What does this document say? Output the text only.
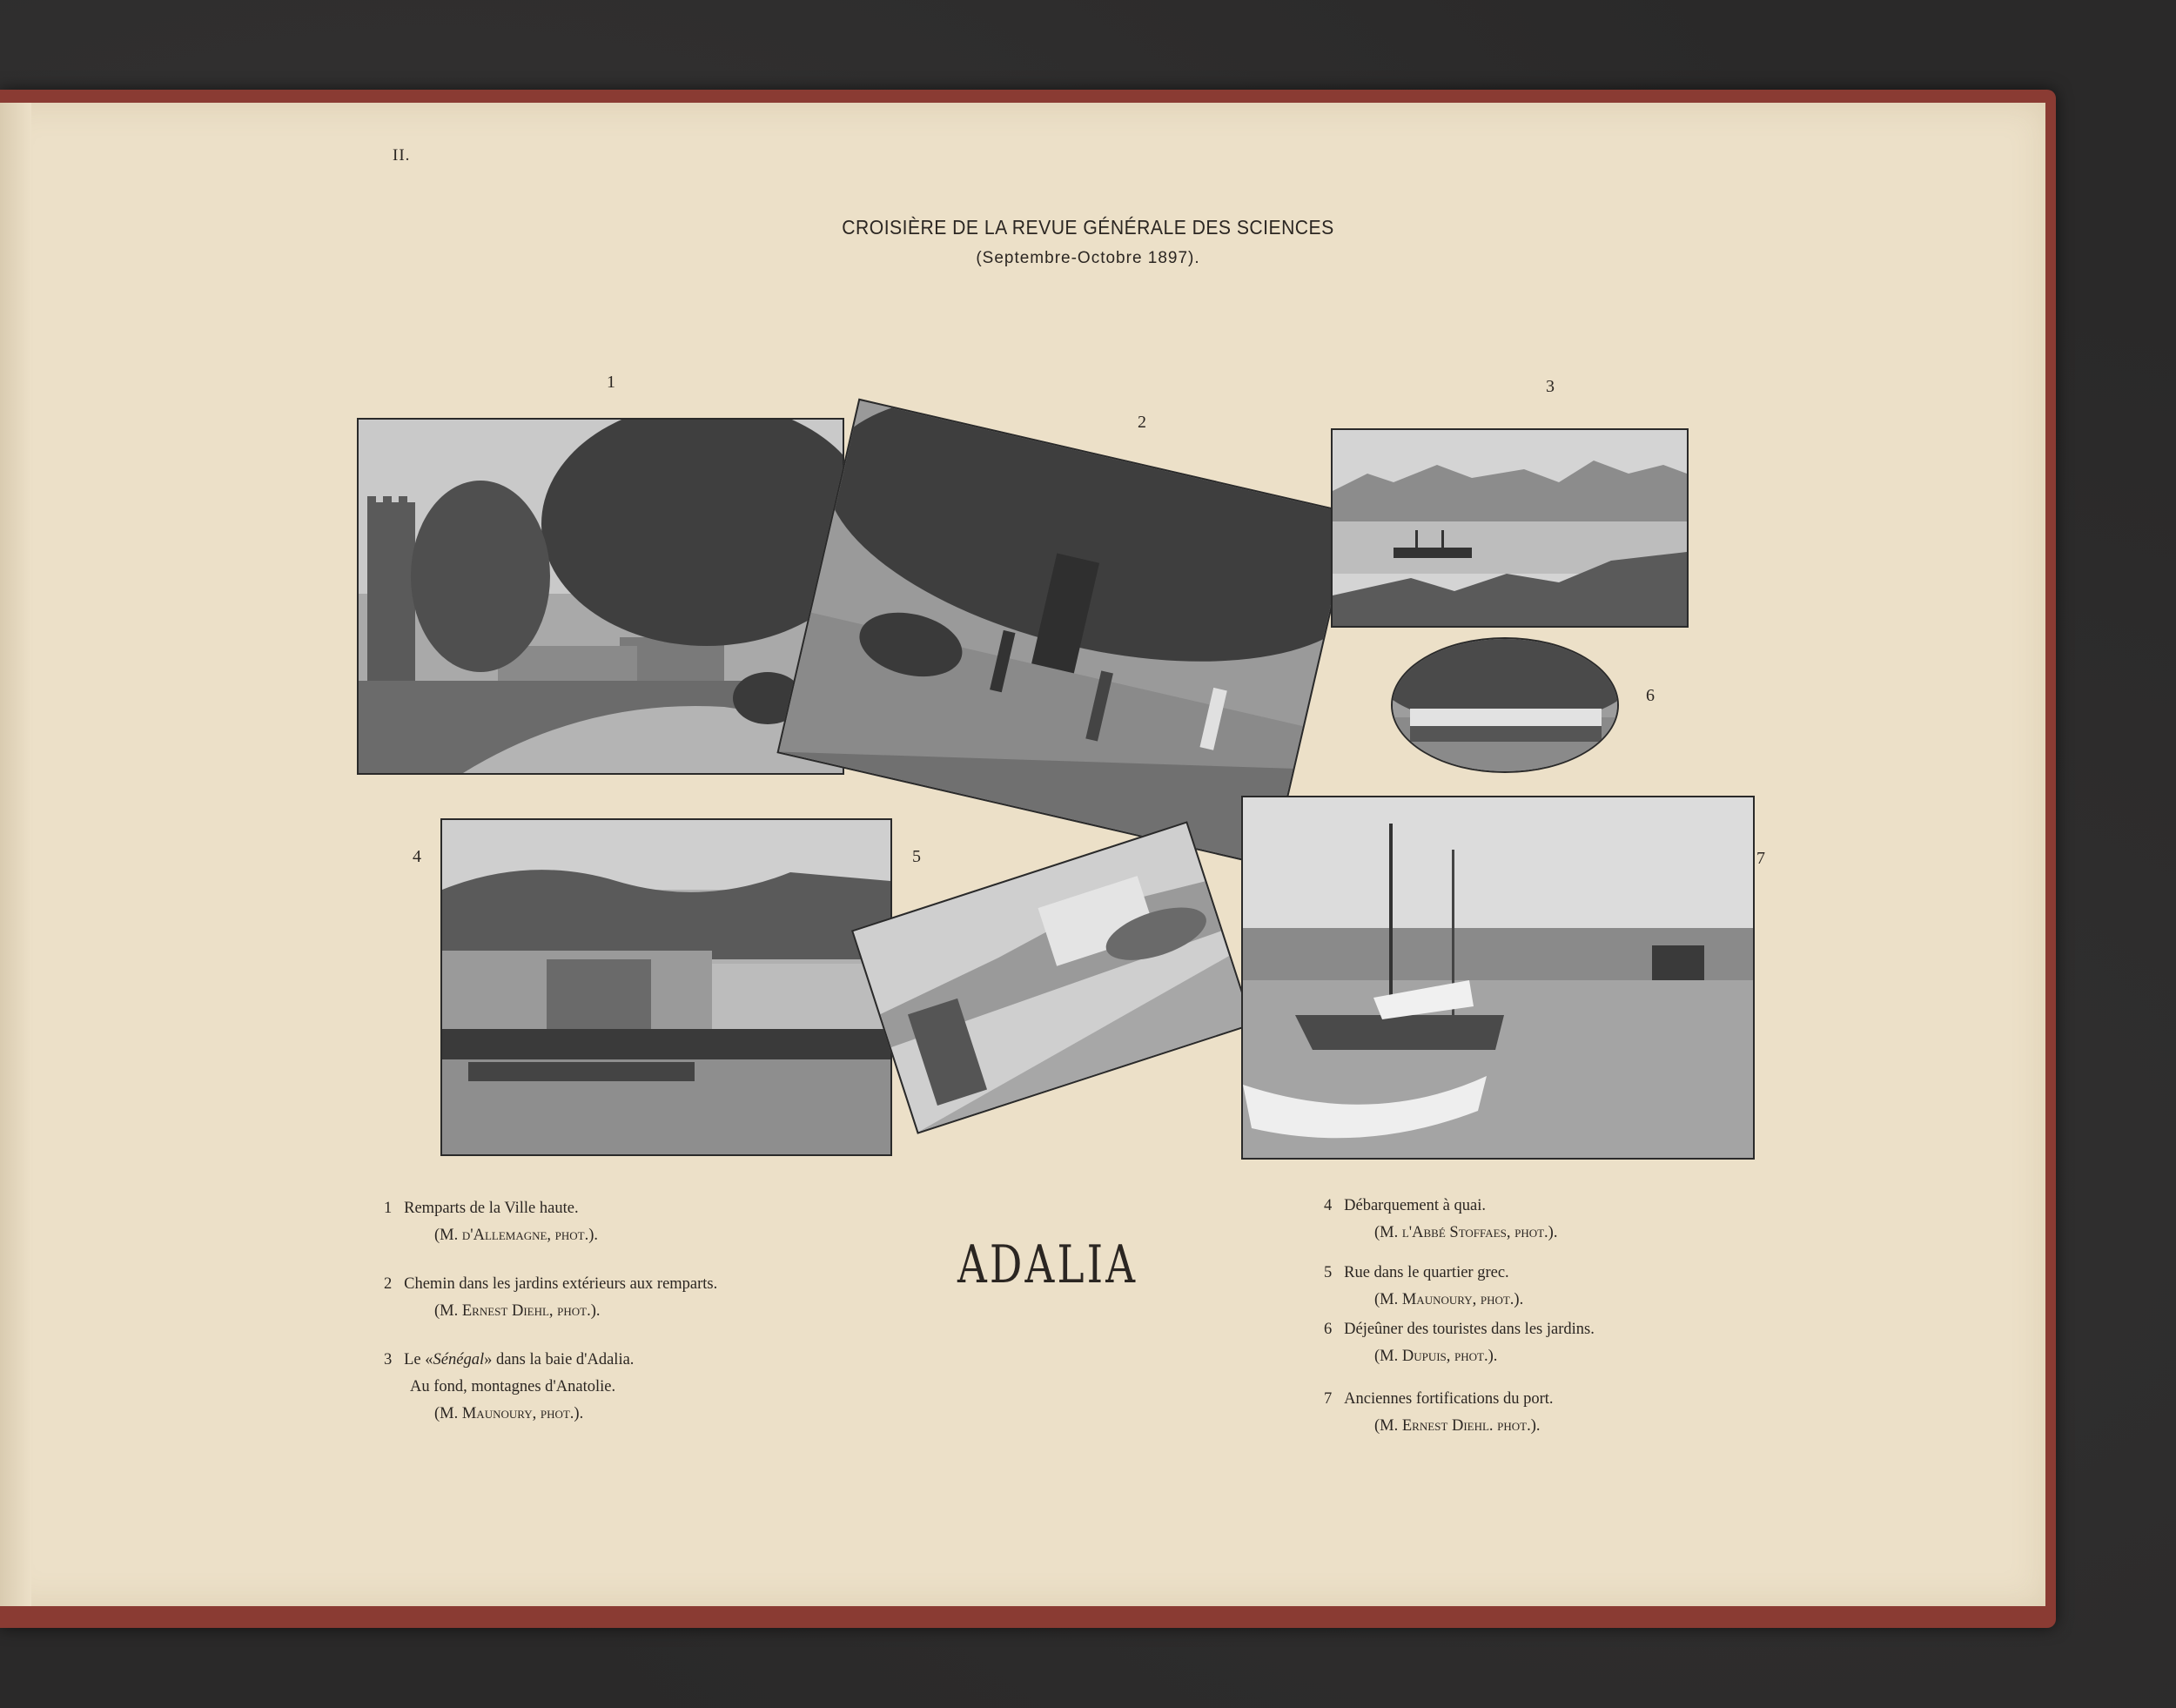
II.
CROISIÈRE DE LA REVUE GÉNÉRALE DES SCIENCES
(Septembre-Octobre 1897).
1
2
3
4	5
6
7
1 Remparts de la Ville haute.
(M. d'Allemagne, phot.).
2 Chemin dans les jardins extérieurs aux remparts.
(M. Ernest Diehl, phot.).
3 Le «Sénégal» dans la baie d'Adalia.
Au fond, montagnes d'Anatolie.
(M. Maunoury, phot.).
ADALIA
4 Débarquement à quai.
(M. l'Abbé Stoffaes, phot.).
5 Rue dans le quartier grec.
(M. Maunoury, phot.).
6 Déjeûner des touristes dans les jardins.
(M. Dupuis, phot.).
7 Anciennes fortifications du port.
(M. Ernest Diehl. phot.).
